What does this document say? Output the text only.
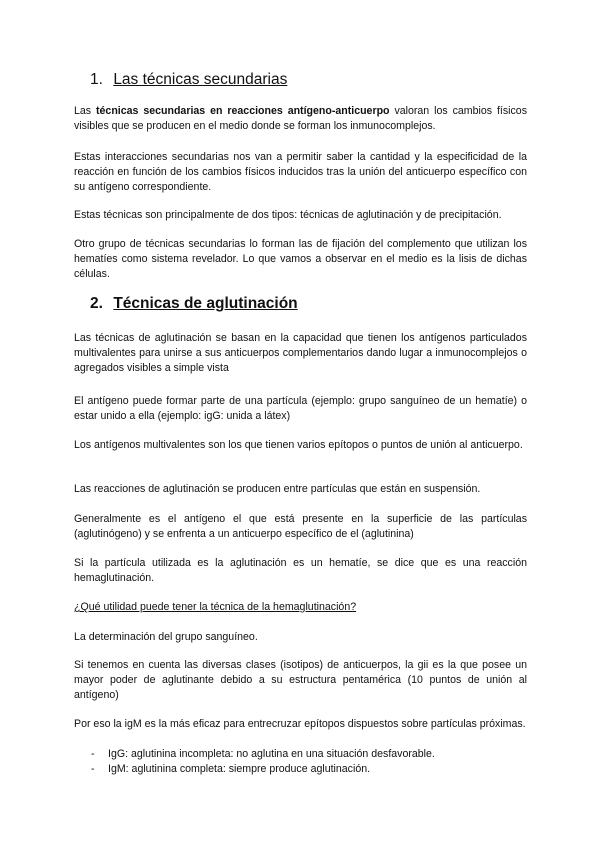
1. Las técnicas secundarias

Las técnicas secundarias en reacciones antígeno-anticuerpo valoran los cambios físicos visibles que se producen en el medio donde se forman los inmunocomplejos.

Estas interacciones secundarias nos van a permitir saber la cantidad y la especificidad de la reacción en función de los cambios físicos inducidos tras la unión del anticuerpo específico con su antígeno correspondiente.

Estas técnicas son principalmente de dos tipos: técnicas de aglutinación y de precipitación.

Otro grupo de técnicas secundarias lo forman las de fijación del complemento que utilizan los hematíes como sistema revelador. Lo que vamos a observar en el medio es la lisis de dichas células.

2. Técnicas de aglutinación

Las técnicas de aglutinación se basan en la capacidad que tienen los antígenos particulados multivalentes para unirse a sus anticuerpos complementarios dando lugar a inmunocomplejos o agregados visibles a simple vista

El antígeno puede formar parte de una partícula (ejemplo: grupo sanguíneo de un hematíe) o estar unido a ella (ejemplo: igG: unida a látex)

Los antígenos multivalentes son los que tienen varios epítopos o puntos de unión al anticuerpo.

Las reacciones de aglutinación se producen entre partículas que están en suspensión.

Generalmente es el antígeno el que está presente en la superficie de las partículas (aglutinógeno) y se enfrenta a un anticuerpo específico de el (aglutinina)

Si la partícula utilizada es la aglutinación es un hematíe, se dice que es una reacción hemaglutinación.

¿Qué utilidad puede tener la técnica de la hemaglutinación?

La determinación del grupo sanguíneo.

Si tenemos en cuenta las diversas clases (isotipos) de anticuerpos, la gii es la que posee un mayor poder de aglutinante debido a su estructura pentamérica (10 puntos de unión al antígeno)

Por eso la igM es la más eficaz para entrecruzar epítopos dispuestos sobre partículas próximas.

- IgG: aglutinina incompleta: no aglutina en una situación desfavorable.
- IgM: aglutinina completa: siempre produce aglutinación.
